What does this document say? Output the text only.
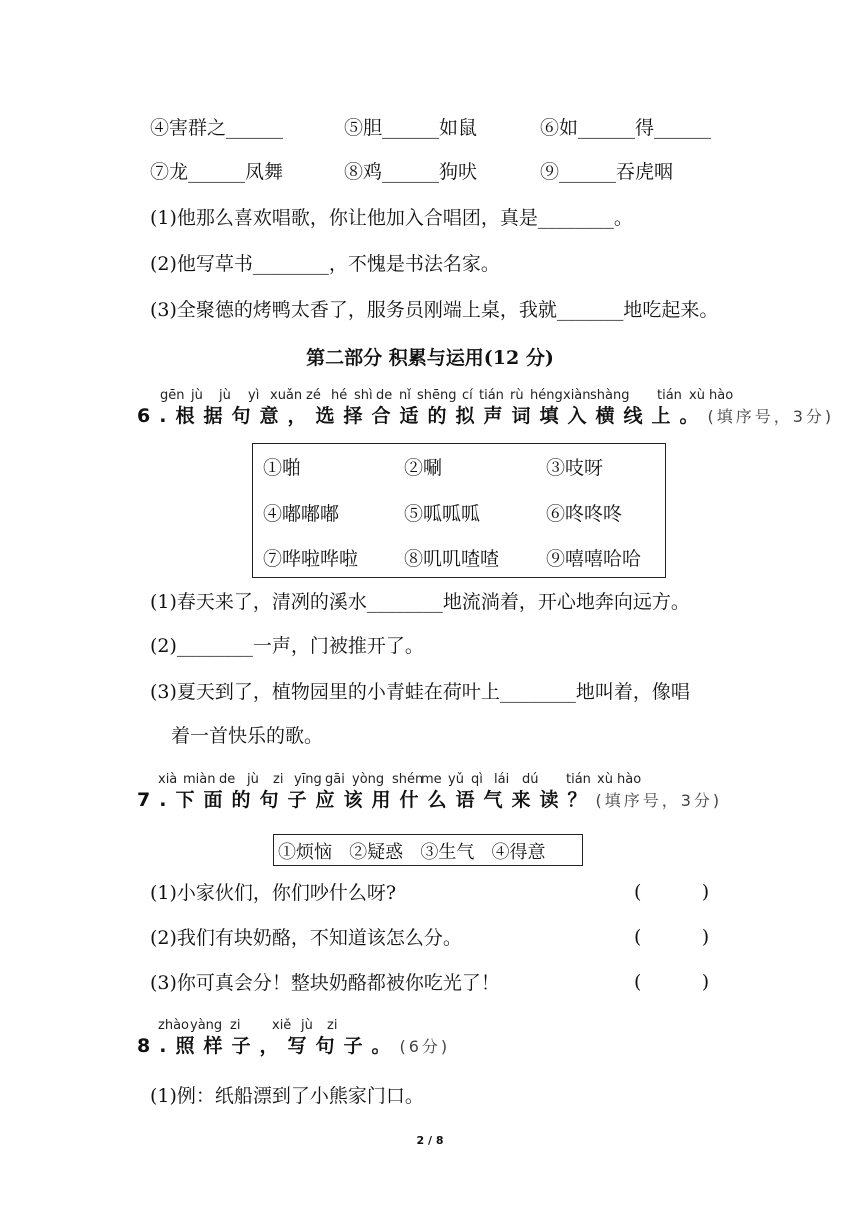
④害群之______	⑤胆______如鼠	⑥如______得______
⑦龙______凤舞	⑧鸡______狗吠	⑨______吞虎咽
(1)他那么喜欢唱歌，你让他加入合唱团，真是________。
(2)他写草书________，不愧是书法名家。
(3)全聚德的烤鸭太香了，服务员刚端上桌，我就_______地吃起来。
第二部分 积累与运用(12 分)
gēn jù jù yì xuǎn zé hé shì de nǐ shēng cí tián rù héng xiàn shàng tián xù hào
6.根据句意，选择合适的拟声词填入横线上。(填序号，3分)
①啪	②唰	③吱呀
④嘟嘟嘟	⑤呱呱呱	⑥咚咚咚
⑦哗啦哗啦 ⑧叽叽喳喳 ⑨嘻嘻哈哈
(1)春天来了，清冽的溪水________地流淌着，开心地奔向远方。
(2)________一声，门被推开了。
(3)夏天到了，植物园里的小青蛙在荷叶上________地叫着，像唱
着一首快乐的歌。
xià miàn de jù zi yīng gāi yòng shén
me yǔ qì lái dú tián xù hào
7.下面的句子应该用什么语气来读？(填序号，3分)
①烦恼   ②疑惑   ③生气   ④得意
(1)小家伙们，你们吵什么呀?	(          )
(2)我们有块奶酪，不知道该怎么分。	(          )
(3)你可真会分！整块奶酪都被你吃光了！	(          )
zhào yàng zi xiě jù zi
8.照样子，写句子。(6分)
(1)例：纸船漂到了小熊家门口。
2 / 8
